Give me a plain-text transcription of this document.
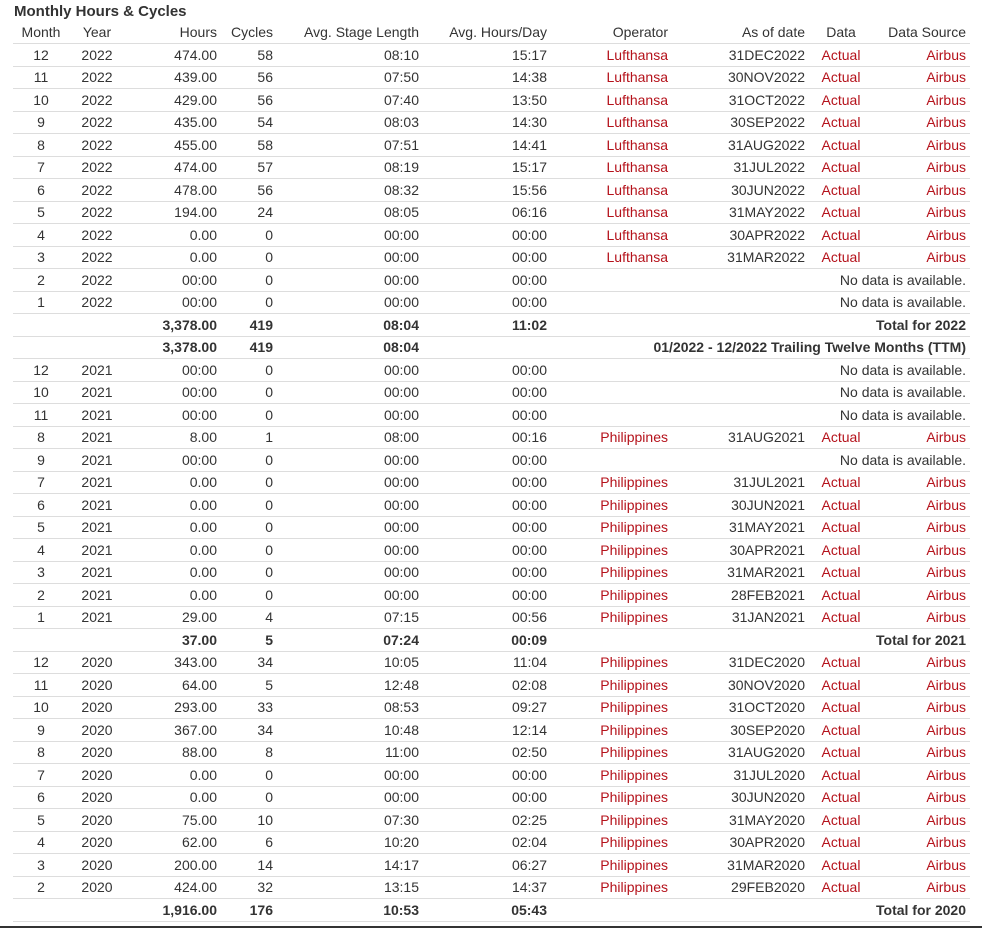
Monthly Hours & Cycles
Month	Year	Hours	Cycles	Avg. Stage Length	Avg. Hours/Day	Operator	As of date	Data	Data Source
12	2022	474.00	58	08:10	15:17	Lufthansa	31DEC2022	Actual	Airbus
11	2022	439.00	56	07:50	14:38	Lufthansa	30NOV2022	Actual	Airbus
10	2022	429.00	56	07:40	13:50	Lufthansa	31OCT2022	Actual	Airbus
9	2022	435.00	54	08:03	14:30	Lufthansa	30SEP2022	Actual	Airbus
8	2022	455.00	58	07:51	14:41	Lufthansa	31AUG2022	Actual	Airbus
7	2022	474.00	57	08:19	15:17	Lufthansa	31JUL2022	Actual	Airbus
6	2022	478.00	56	08:32	15:56	Lufthansa	30JUN2022	Actual	Airbus
5	2022	194.00	24	08:05	06:16	Lufthansa	31MAY2022	Actual	Airbus
4	2022	0.00	0	00:00	00:00	Lufthansa	30APR2022	Actual	Airbus
3	2022	0.00	0	00:00	00:00	Lufthansa	31MAR2022	Actual	Airbus
2	2022	00:00	0	00:00	00:00	No data is available.			
1	2022	00:00	0	00:00	00:00	No data is available.			
		3,378.00	419	08:04	11:02	Total for 2022			
		3,378.00	419	08:04		01/2022 - 12/2022 Trailing Twelve Months (TTM)			
12	2021	00:00	0	00:00	00:00	No data is available.			
10	2021	00:00	0	00:00	00:00	No data is available.			
11	2021	00:00	0	00:00	00:00	No data is available.			
8	2021	8.00	1	08:00	00:16	Philippines	31AUG2021	Actual	Airbus
9	2021	00:00	0	00:00	00:00	No data is available.			
7	2021	0.00	0	00:00	00:00	Philippines	31JUL2021	Actual	Airbus
6	2021	0.00	0	00:00	00:00	Philippines	30JUN2021	Actual	Airbus
5	2021	0.00	0	00:00	00:00	Philippines	31MAY2021	Actual	Airbus
4	2021	0.00	0	00:00	00:00	Philippines	30APR2021	Actual	Airbus
3	2021	0.00	0	00:00	00:00	Philippines	31MAR2021	Actual	Airbus
2	2021	0.00	0	00:00	00:00	Philippines	28FEB2021	Actual	Airbus
1	2021	29.00	4	07:15	00:56	Philippines	31JAN2021	Actual	Airbus
		37.00	5	07:24	00:09	Total for 2021			
12	2020	343.00	34	10:05	11:04	Philippines	31DEC2020	Actual	Airbus
11	2020	64.00	5	12:48	02:08	Philippines	30NOV2020	Actual	Airbus
10	2020	293.00	33	08:53	09:27	Philippines	31OCT2020	Actual	Airbus
9	2020	367.00	34	10:48	12:14	Philippines	30SEP2020	Actual	Airbus
8	2020	88.00	8	11:00	02:50	Philippines	31AUG2020	Actual	Airbus
7	2020	0.00	0	00:00	00:00	Philippines	31JUL2020	Actual	Airbus
6	2020	0.00	0	00:00	00:00	Philippines	30JUN2020	Actual	Airbus
5	2020	75.00	10	07:30	02:25	Philippines	31MAY2020	Actual	Airbus
4	2020	62.00	6	10:20	02:04	Philippines	30APR2020	Actual	Airbus
3	2020	200.00	14	14:17	06:27	Philippines	31MAR2020	Actual	Airbus
2	2020	424.00	32	13:15	14:37	Philippines	29FEB2020	Actual	Airbus
		1,916.00	176	10:53	05:43	Total for 2020			
